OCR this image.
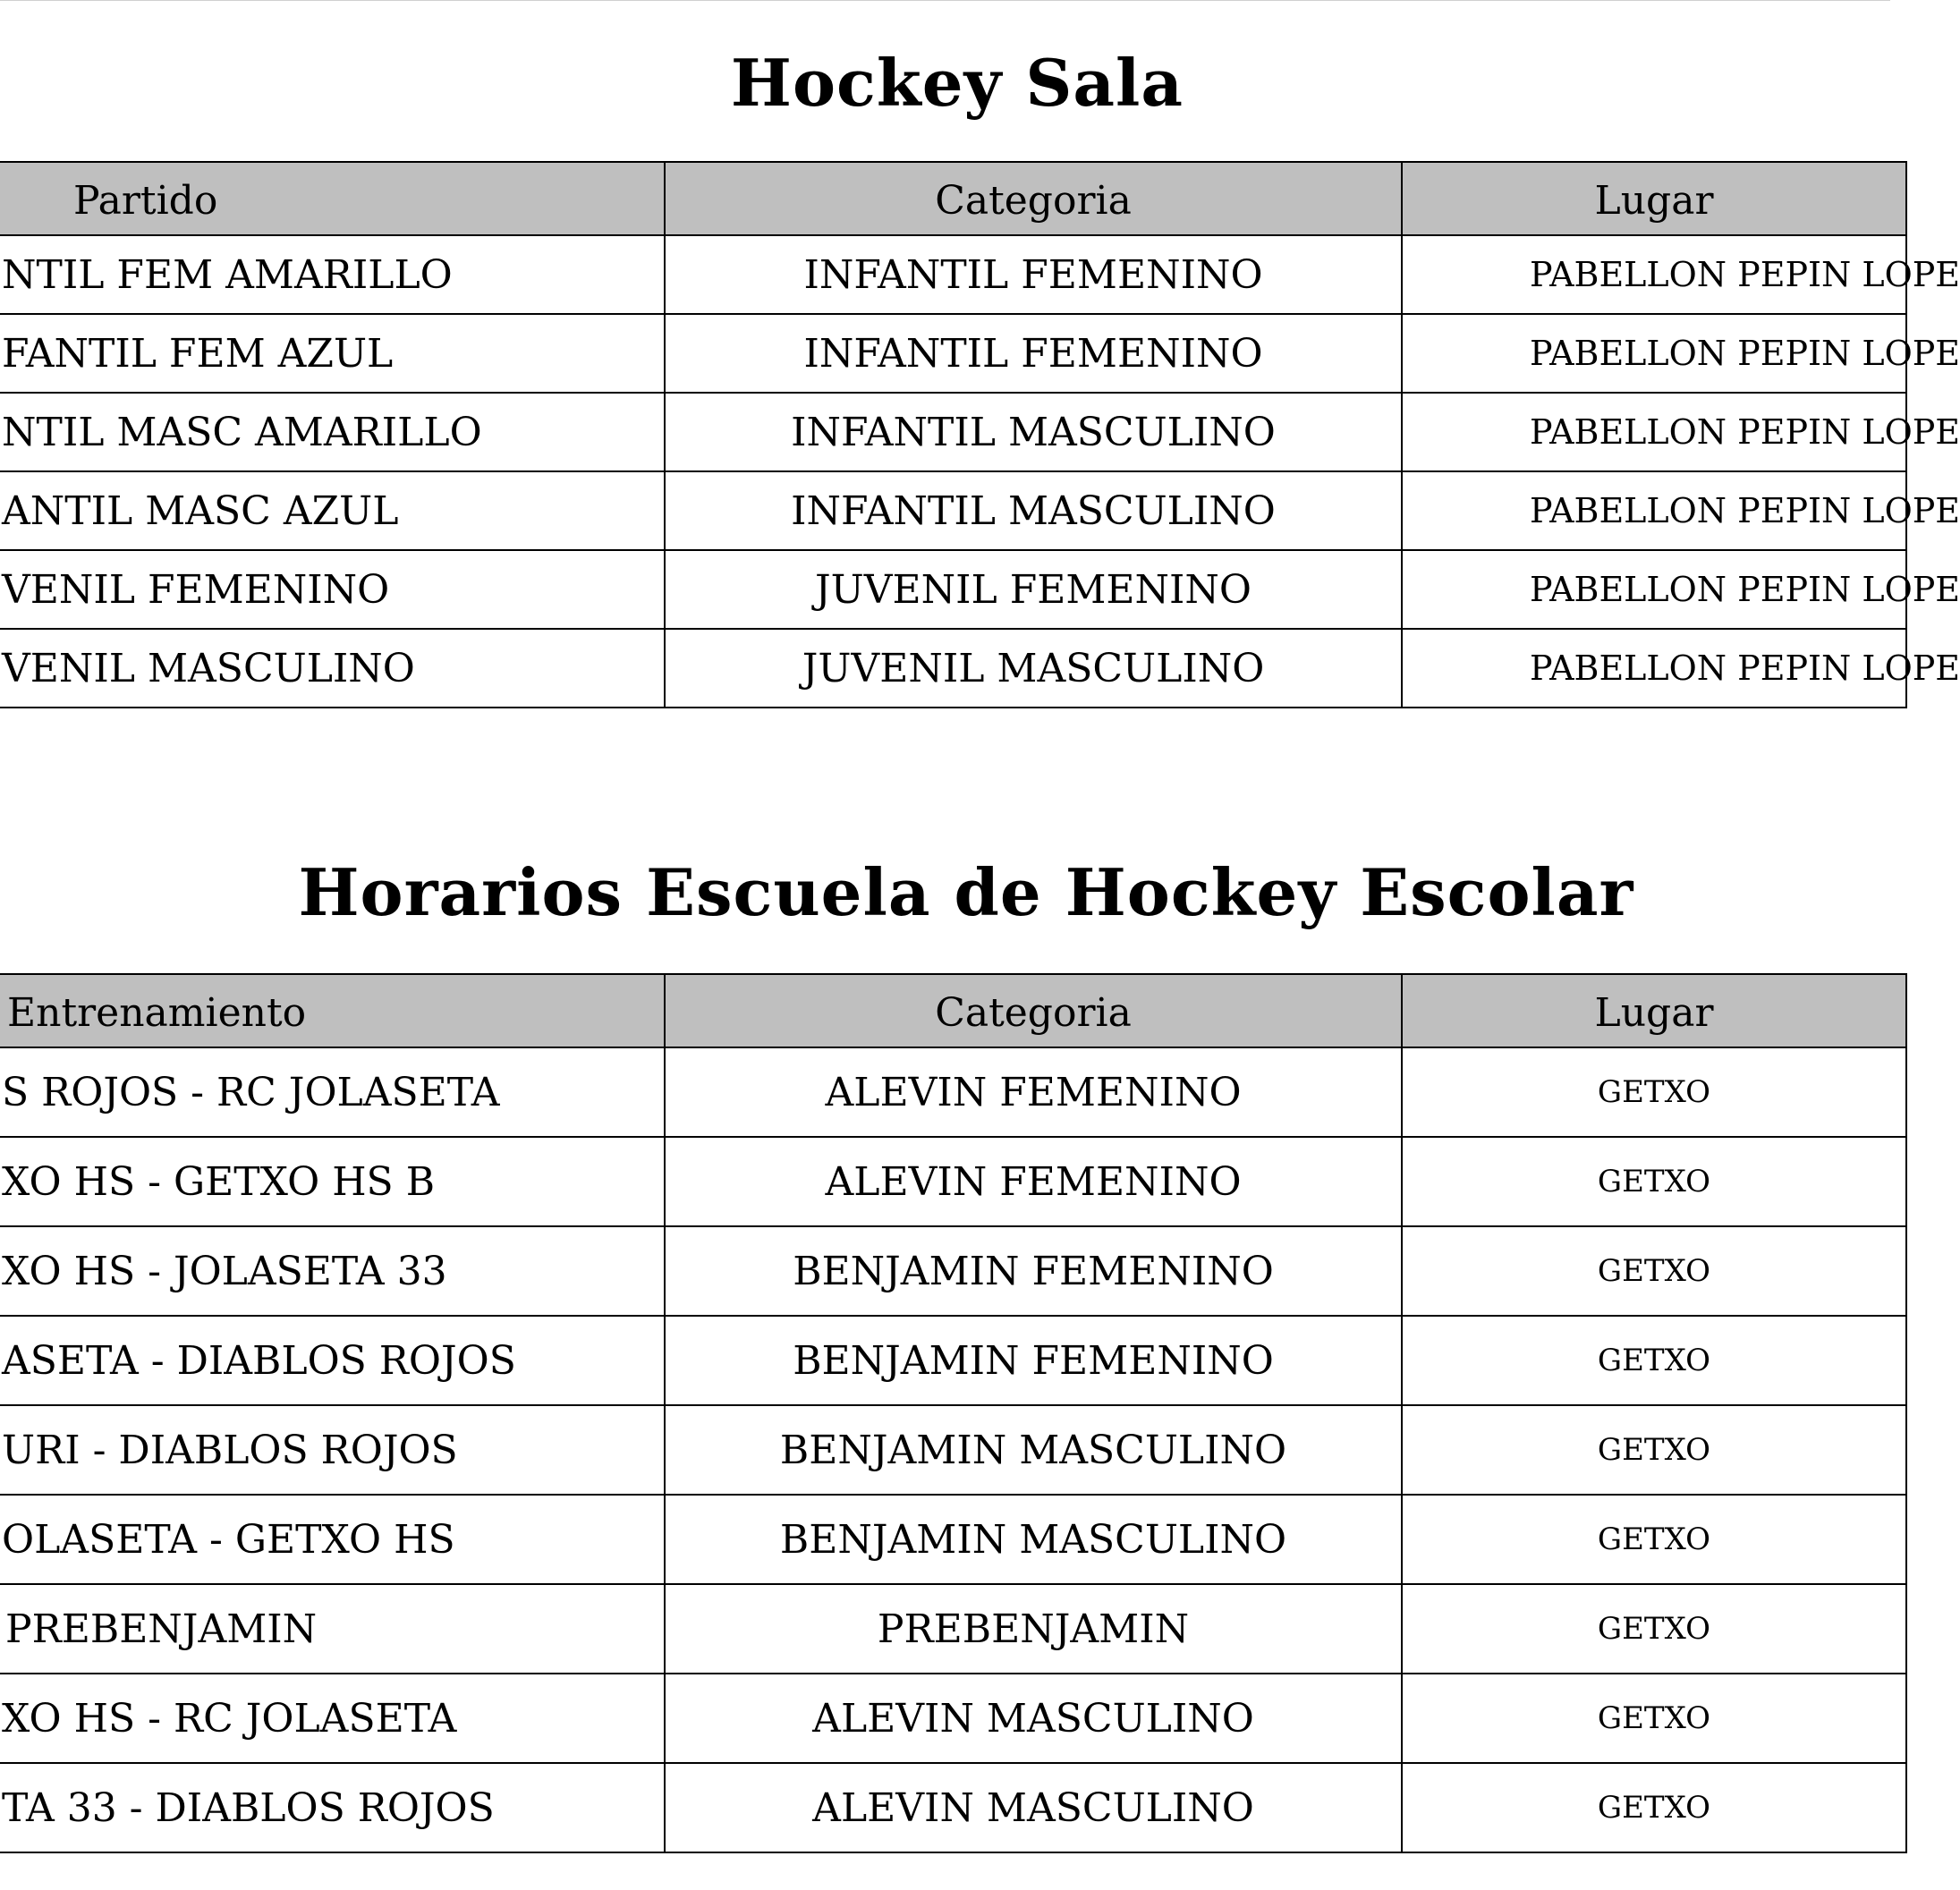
Hockey Sala
Partido	Categoria	Lugar
NTIL FEM AMARILLO	INFANTIL FEMENINO	PABELLON PEPIN LOPE
FANTIL FEM AZUL	INFANTIL FEMENINO	PABELLON PEPIN LOPE
NTIL MASC AMARILLO	INFANTIL MASCULINO	PABELLON PEPIN LOPE
ANTIL MASC AZUL	INFANTIL MASCULINO	PABELLON PEPIN LOPE
VENIL FEMENINO	JUVENIL FEMENINO	PABELLON PEPIN LOPE
VENIL MASCULINO	JUVENIL MASCULINO	PABELLON PEPIN LOPE
Horarios Escuela de Hockey Escolar
Entrenamiento	Categoria	Lugar
S ROJOS - RC JOLASETA	ALEVIN FEMENINO	GETXO
XO HS - GETXO HS B	ALEVIN FEMENINO	GETXO
XO HS - JOLASETA 33	BENJAMIN FEMENINO	GETXO
ASETA - DIABLOS ROJOS	BENJAMIN FEMENINO	GETXO
URI - DIABLOS ROJOS	BENJAMIN MASCULINO	GETXO
OLASETA - GETXO HS	BENJAMIN MASCULINO	GETXO
PREBENJAMIN	PREBENJAMIN	GETXO
XO HS - RC JOLASETA	ALEVIN MASCULINO	GETXO
TA 33 - DIABLOS ROJOS	ALEVIN MASCULINO	GETXO
